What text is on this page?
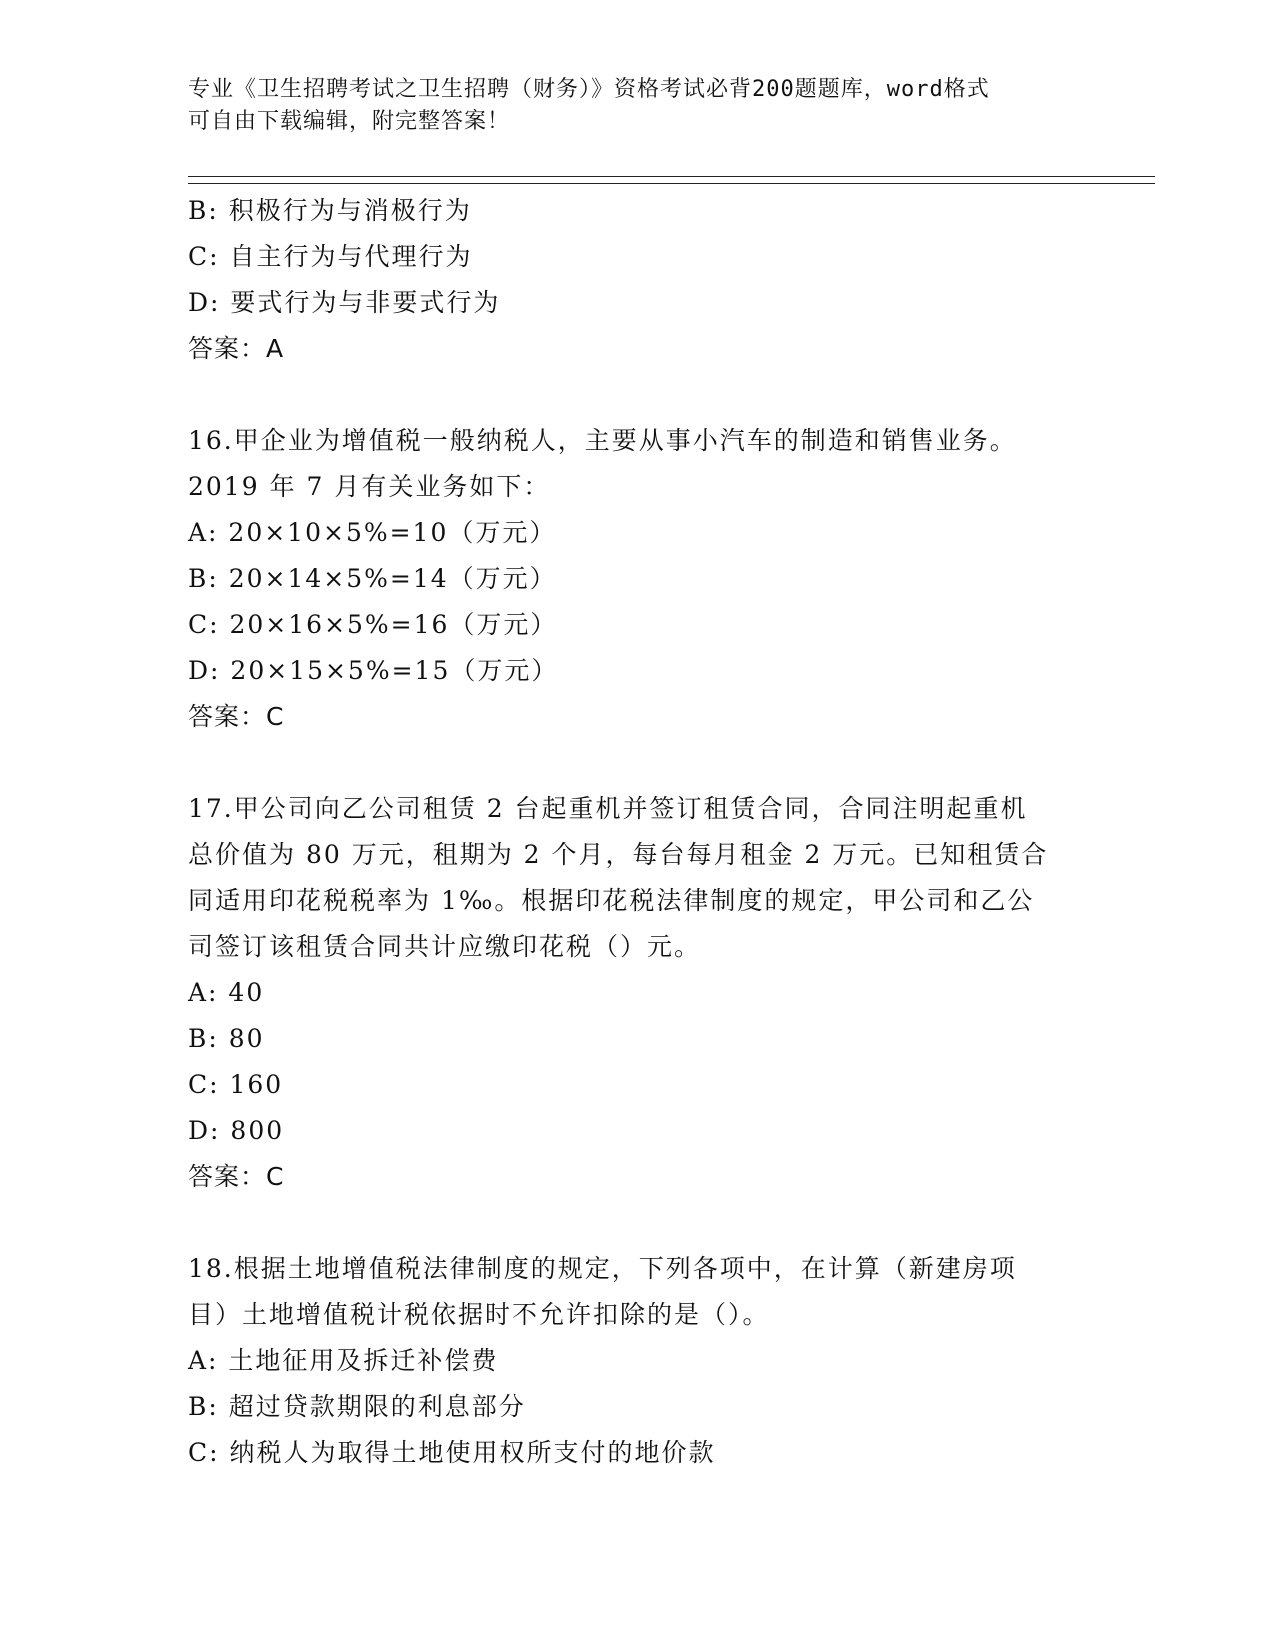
专业《卫生招聘考试之卫生招聘（财务）》资格考试必背200题题库，word格式
可自由下载编辑，附完整答案！
B: 积极行为与消极行为
C: 自主行为与代理行为
D: 要式行为与非要式行为
答案：A
16.甲企业为增值税一般纳税人，主要从事小汽车的制造和销售业务。
2019 年 7 月有关业务如下：
A: 20×10×5%=10（万元）
B: 20×14×5%=14（万元）
C: 20×16×5%=16（万元）
D: 20×15×5%=15（万元）
答案：C
17.甲公司向乙公司租赁 2 台起重机并签订租赁合同，合同注明起重机
总价值为 80 万元，租期为 2 个月，每台每月租金 2 万元。已知租赁合
同适用印花税税率为 1‰。根据印花税法律制度的规定，甲公司和乙公
司签订该租赁合同共计应缴印花税（）元。
A: 40
B: 80
C: 160
D: 800
答案：C
18.根据土地增值税法律制度的规定，下列各项中，在计算（新建房项
目）土地增值税计税依据时不允许扣除的是（）。
A: 土地征用及拆迁补偿费
B: 超过贷款期限的利息部分
C: 纳税人为取得土地使用权所支付的地价款
